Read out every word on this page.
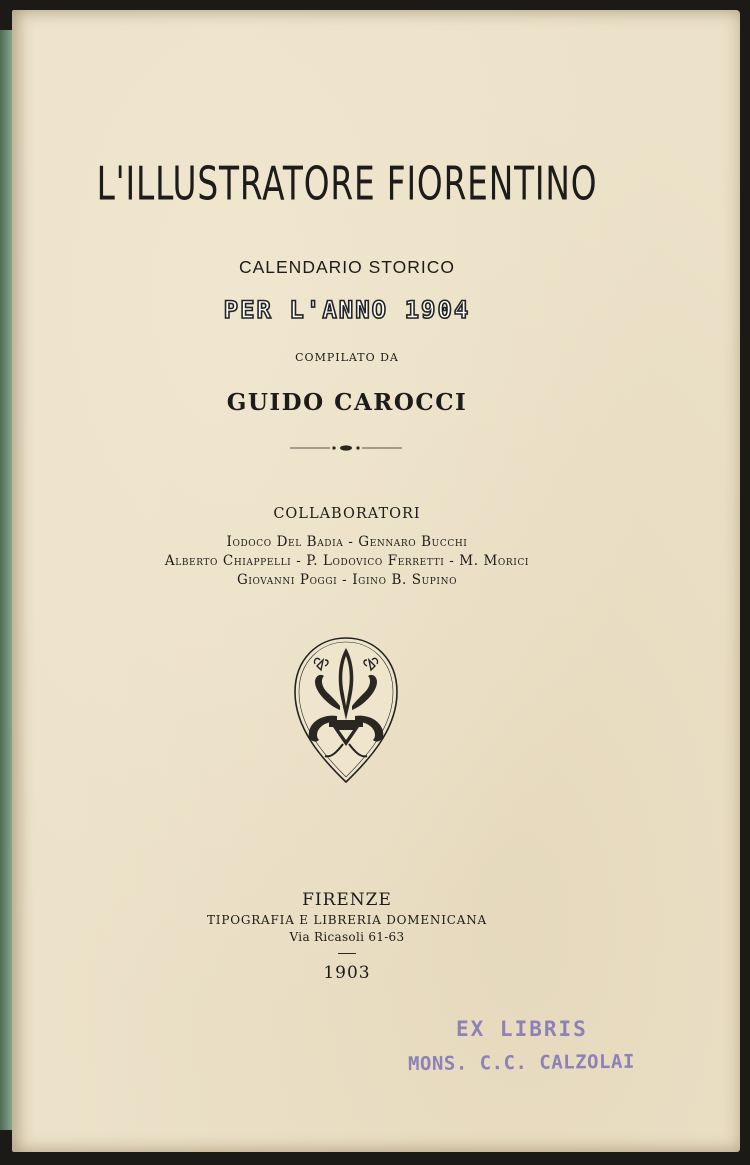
L'ILLUSTRATORE FIORENTINO
CALENDARIO STORICO
PER L'ANNO 1904
COMPILATO DA
GUIDO CAROCCI
COLLABORATORI
Iodoco Del Badia - Gennaro Bucchi
Alberto Chiappelli - P. Lodovico Ferretti - M. Morici
Giovanni Poggi - Igino B. Supino
FIRENZE
TIPOGRAFIA E LIBRERIA DOMENICANA
Via Ricasoli 61-63
1903
EX LIBRIS
MONS. C.C. CALZOLAI
